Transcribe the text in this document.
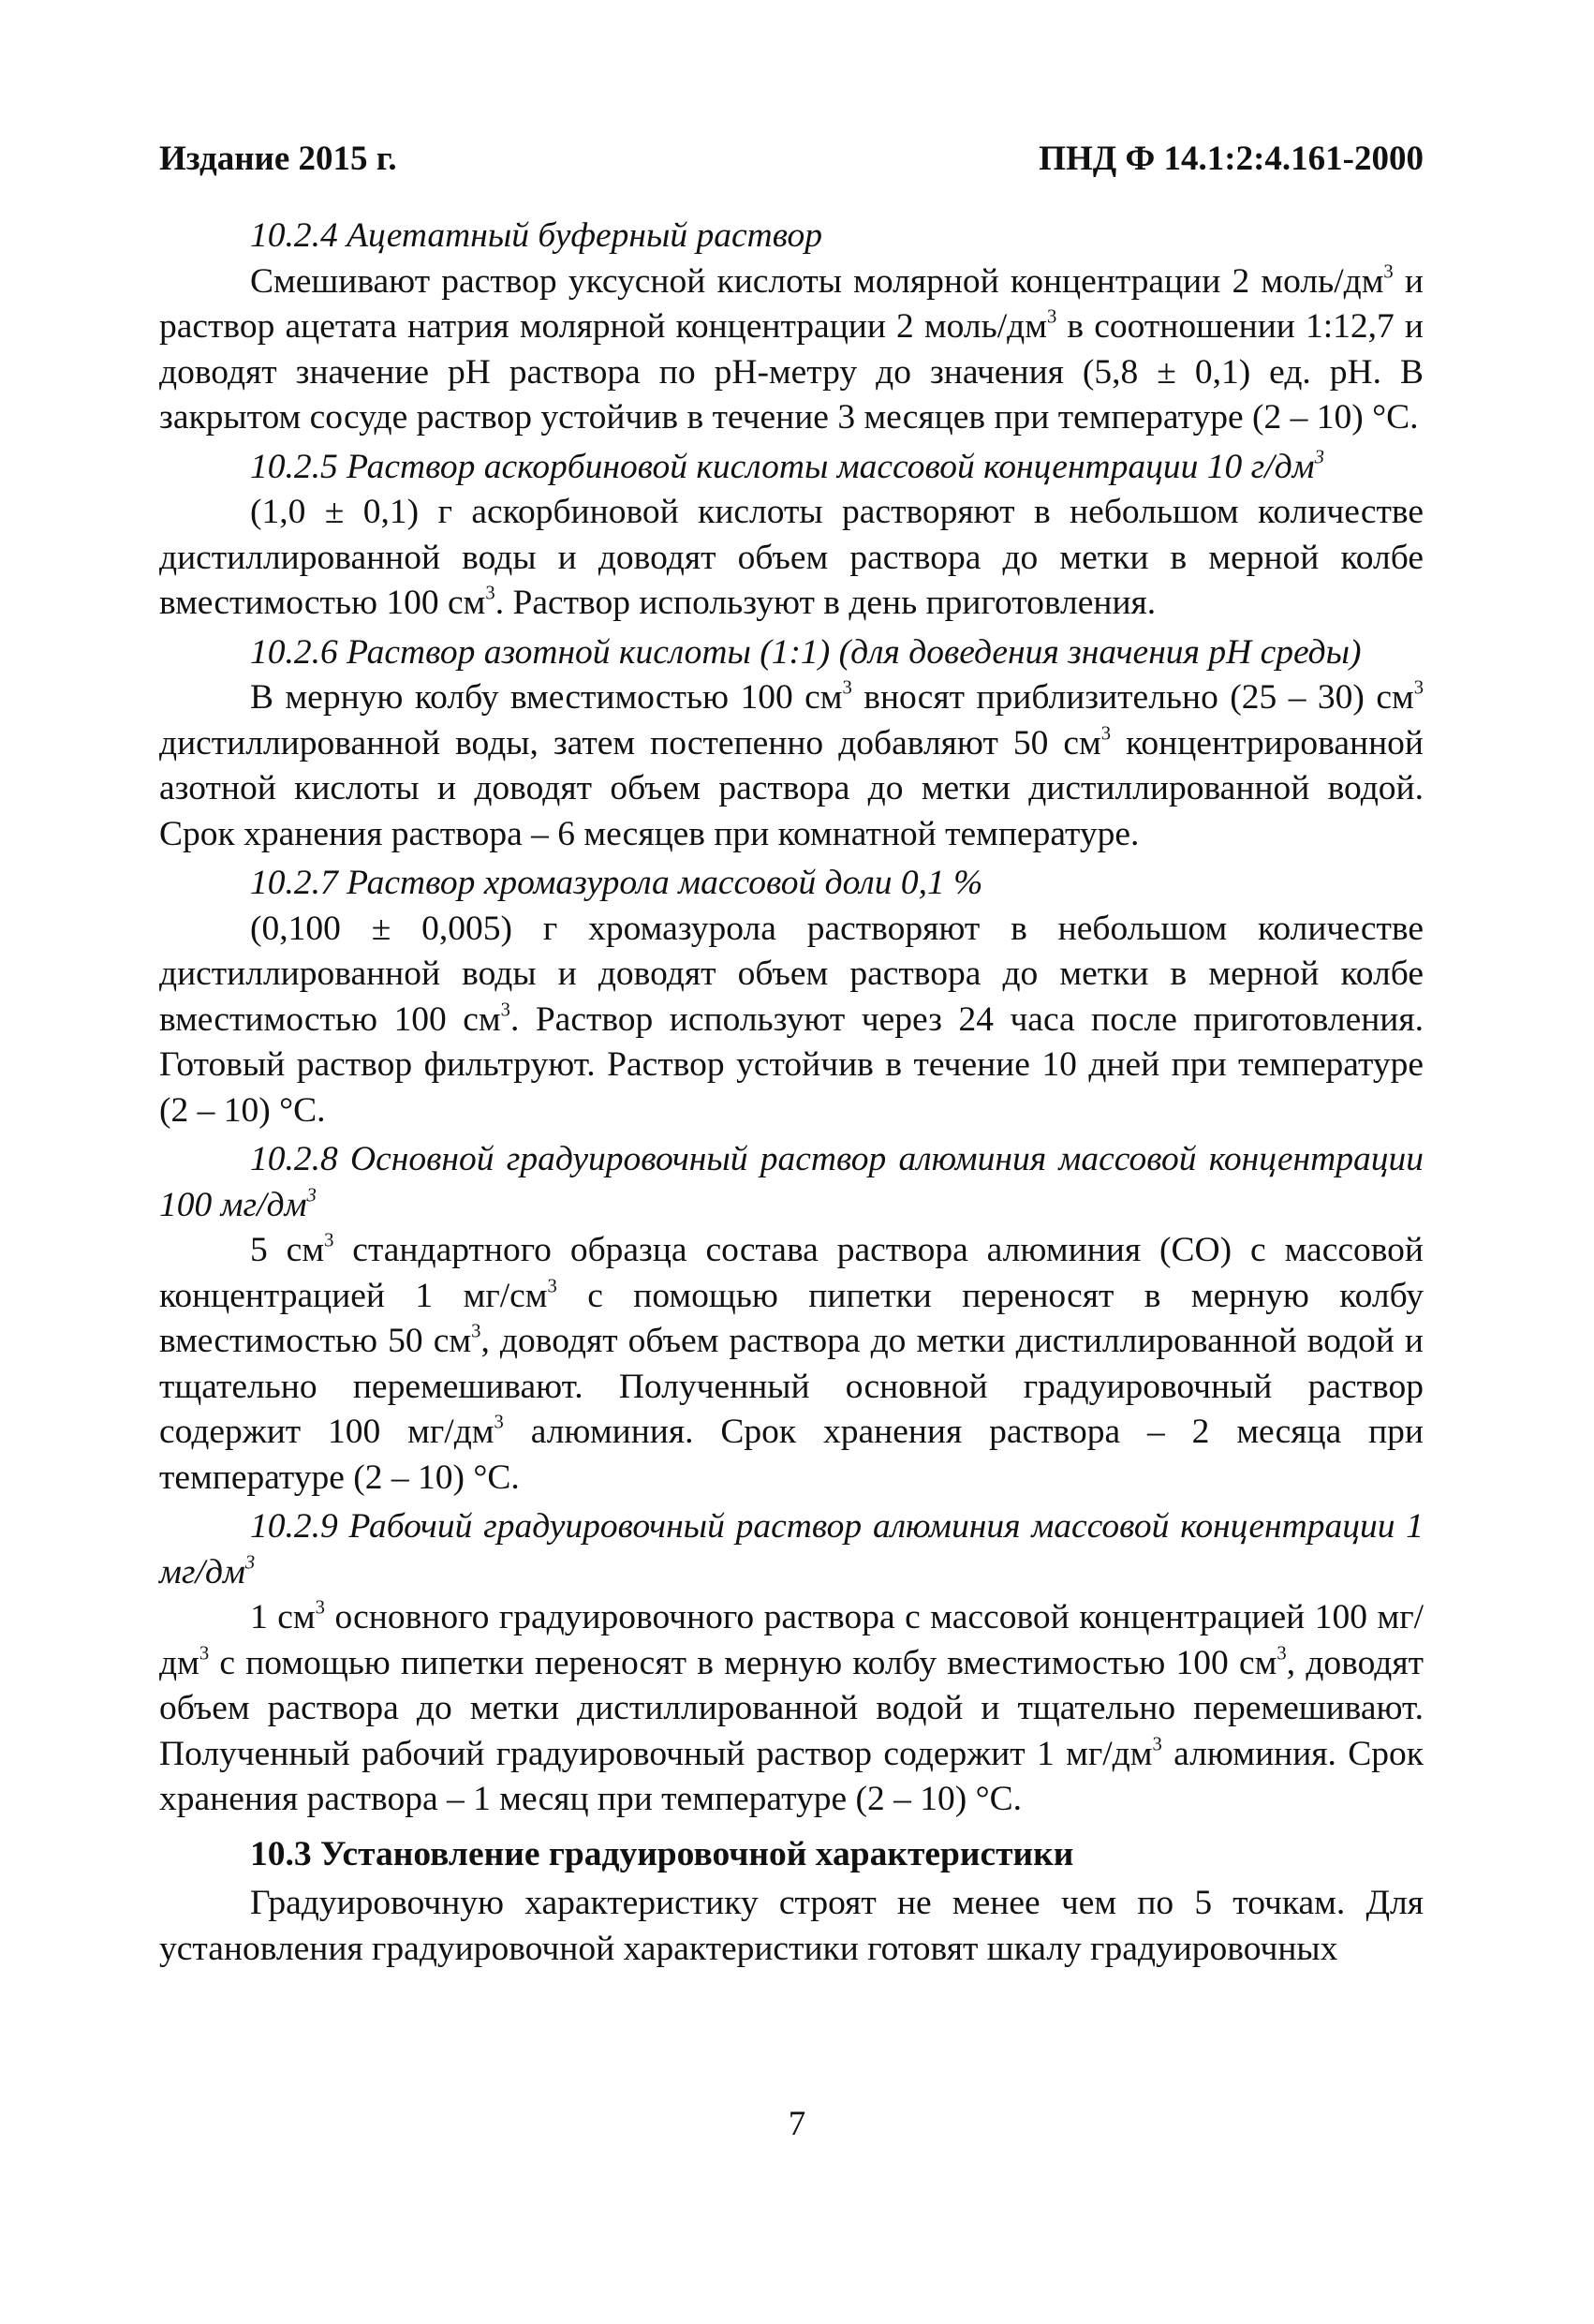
Издание 2015 г.	ПНД Ф 14.1:2:4.161-2000

10.2.4 Ацетатный буферный раствор

Смешивают раствор уксусной кислоты молярной концентрации 2 моль/$дм^3$ и раствор ацетата натрия молярной концентрации 2 моль/$дм^3$ в соотношении 1:12,7 и доводят значение pH раствора по pH-метру до значения (5,8 ± 0,1) ед. pH. В закрытом сосуде раствор устойчив в течение 3 месяцев при температуре (2 – 10) °С.

10.2.5 Раствор аскорбиновой кислоты массовой концентрации 10 $г/дм^3$

(1,0 ± 0,1) г аскорбиновой кислоты растворяют в небольшом количестве дистиллированной воды и доводят объем раствора до метки в мерной колбе вместимостью 100 $см^3$. Раствор используют в день приготовления.

10.2.6 Раствор азотной кислоты (1:1) (для доведения значения pH среды)

В мерную колбу вместимостью 100 $см^3$ вносят приблизительно (25 – 30) $см^3$ дистиллированной воды, затем постепенно добавляют 50 $см^3$ концентрированной азотной кислоты и доводят объем раствора до метки дистиллированной водой. Срок хранения раствора – 6 месяцев при комнатной температуре.

10.2.7 Раствор хромазурола массовой доли 0,1 %

(0,100 ± 0,005) г хромазурола растворяют в небольшом количестве дистиллированной воды и доводят объем раствора до метки в мерной колбе вместимостью 100 $см^3$. Раствор используют через 24 часа после приготовления. Готовый раствор фильтруют. Раствор устойчив в течение 10 дней при температуре (2 – 10) °С.

10.2.8 Основной градуировочный раствор алюминия массовой концентрации 100 $мг/дм^3$

5 $см^3$ стандартного образца состава раствора алюминия (СО) с массовой концентрацией 1 $мг/см^3$ с помощью пипетки переносят в мерную колбу вместимостью 50 $см^3$, доводят объем раствора до метки дистиллированной водой и тщательно перемешивают. Полученный основной градуировочный раствор содержит 100 $мг/дм^3$ алюминия. Срок хранения раствора – 2 месяца при температуре (2 – 10) °С.

10.2.9 Рабочий градуировочный раствор алюминия массовой концентрации 1 $мг/дм^3$

1 $см^3$ основного градуировочного раствора с массовой концентрацией 100 $мг/дм^3$ с помощью пипетки переносят в мерную колбу вместимостью 100 $см^3$, доводят объем раствора до метки дистиллированной водой и тщательно перемешивают. Полученный рабочий градуировочный раствор содержит 1 $мг/дм^3$ алюминия. Срок хранения раствора – 1 месяц при температуре (2 – 10) °С.

10.3 Установление градуировочной характеристики

Градуировочную характеристику строят не менее чем по 5 точкам. Для установления градуировочной характеристики готовят шкалу градуировочных

7
